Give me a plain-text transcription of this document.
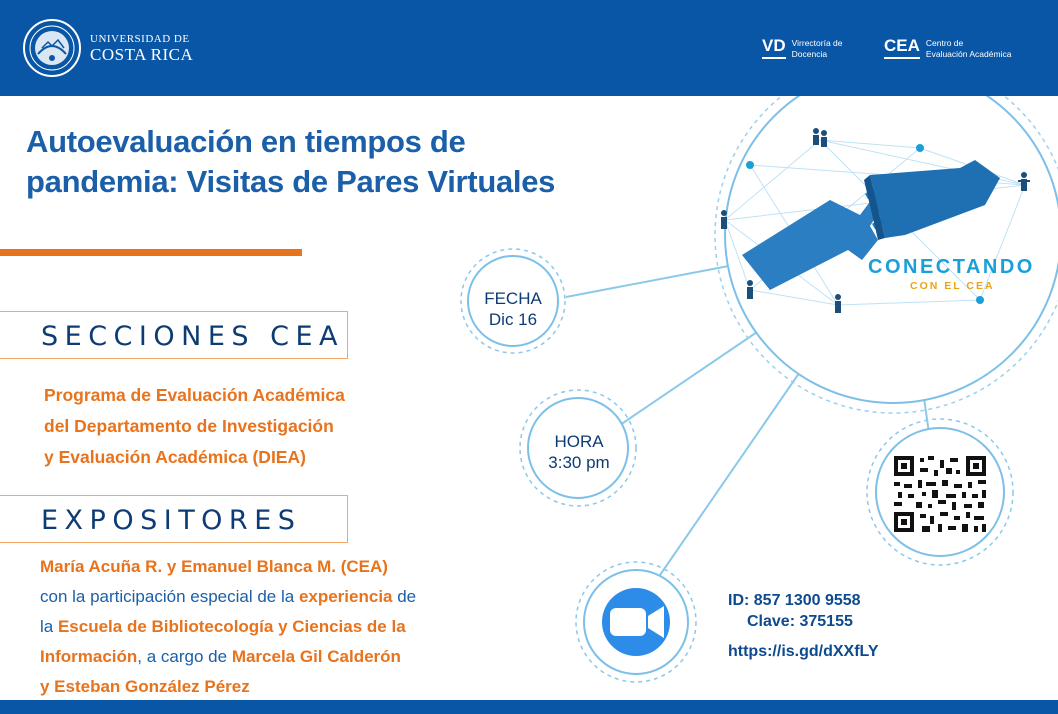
UNIVERSIDAD DE
COSTA RICA	VD Virrectoría de
Docencia	CEA Centro de
Evaluación Académica
Autoevaluación en tiempos de
pandemia: Visitas de Pares Virtuales
SECCIONES CEA
Programa de Evaluación Académica
del Departamento de Investigación
y Evaluación Académica (DIEA)
EXPOSITORES
María Acuña R. y Emanuel Blanca M. (CEA)
con la participación especial de la experiencia de
la Escuela de Bibliotecología y Ciencias de la
Información, a cargo de Marcela Gil Calderón
y Esteban González Pérez
CONECTANDO
CON EL CEA
FECHA
Dic 16
HORA
3:30 pm
ID: 857 1300 9558
Clave: 375155
https://is.gd/dXXfLY
